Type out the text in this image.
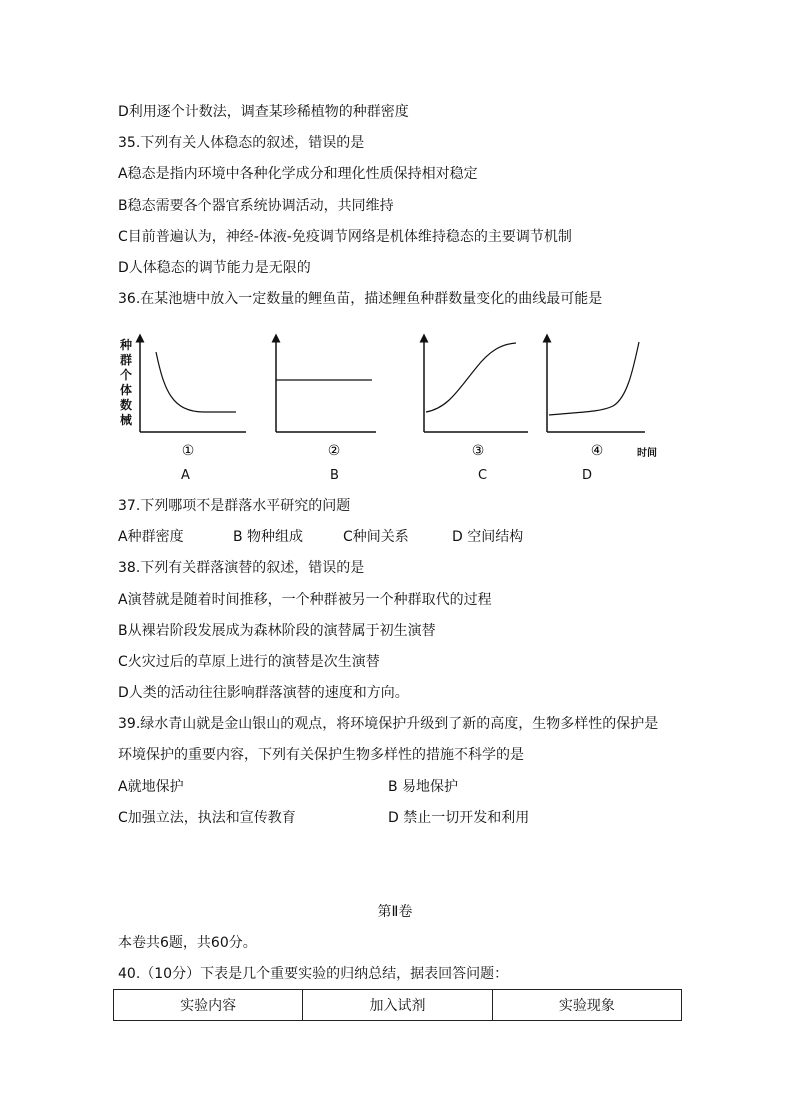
D利用逐个计数法，调查某珍稀植物的种群密度
35.下列有关人体稳态的叙述，错误的是
A稳态是指内环境中各种化学成分和理化性质保持相对稳定
B稳态需要各个器官系统协调活动，共同维持
C目前普遍认为，神经-体液-免疫调节网络是机体维持稳态的主要调节机制
D人体稳态的调节能力是无限的
36.在某池塘中放入一定数量的鲤鱼苗，描述鲤鱼种群数量变化的曲线最可能是
种
群
个
体
数
械
①
A
②
B
③
C
④	时间
D
37.下列哪项不是群落水平研究的问题
A种群密度	B 物种组成	C种间关系	D 空间结构
38.下列有关群落演替的叙述，错误的是
A演替就是随着时间推移，一个种群被另一个种群取代的过程
B从裸岩阶段发展成为森林阶段的演替属于初生演替
C火灾过后的草原上进行的演替是次生演替
D人类的活动往往影响群落演替的速度和方向。
39.绿水青山就是金山银山的观点，将环境保护升级到了新的高度，生物多样性的保护是
环境保护的重要内容，下列有关保护生物多样性的措施不科学的是
A就地保护	B 易地保护
C加强立法，执法和宣传教育	D 禁止一切开发和利用
第Ⅱ卷
本卷共6题，共60分。
40.（10分）下表是几个重要实验的归纳总结，据表回答问题：
实验内容	加入试剂	实验现象
